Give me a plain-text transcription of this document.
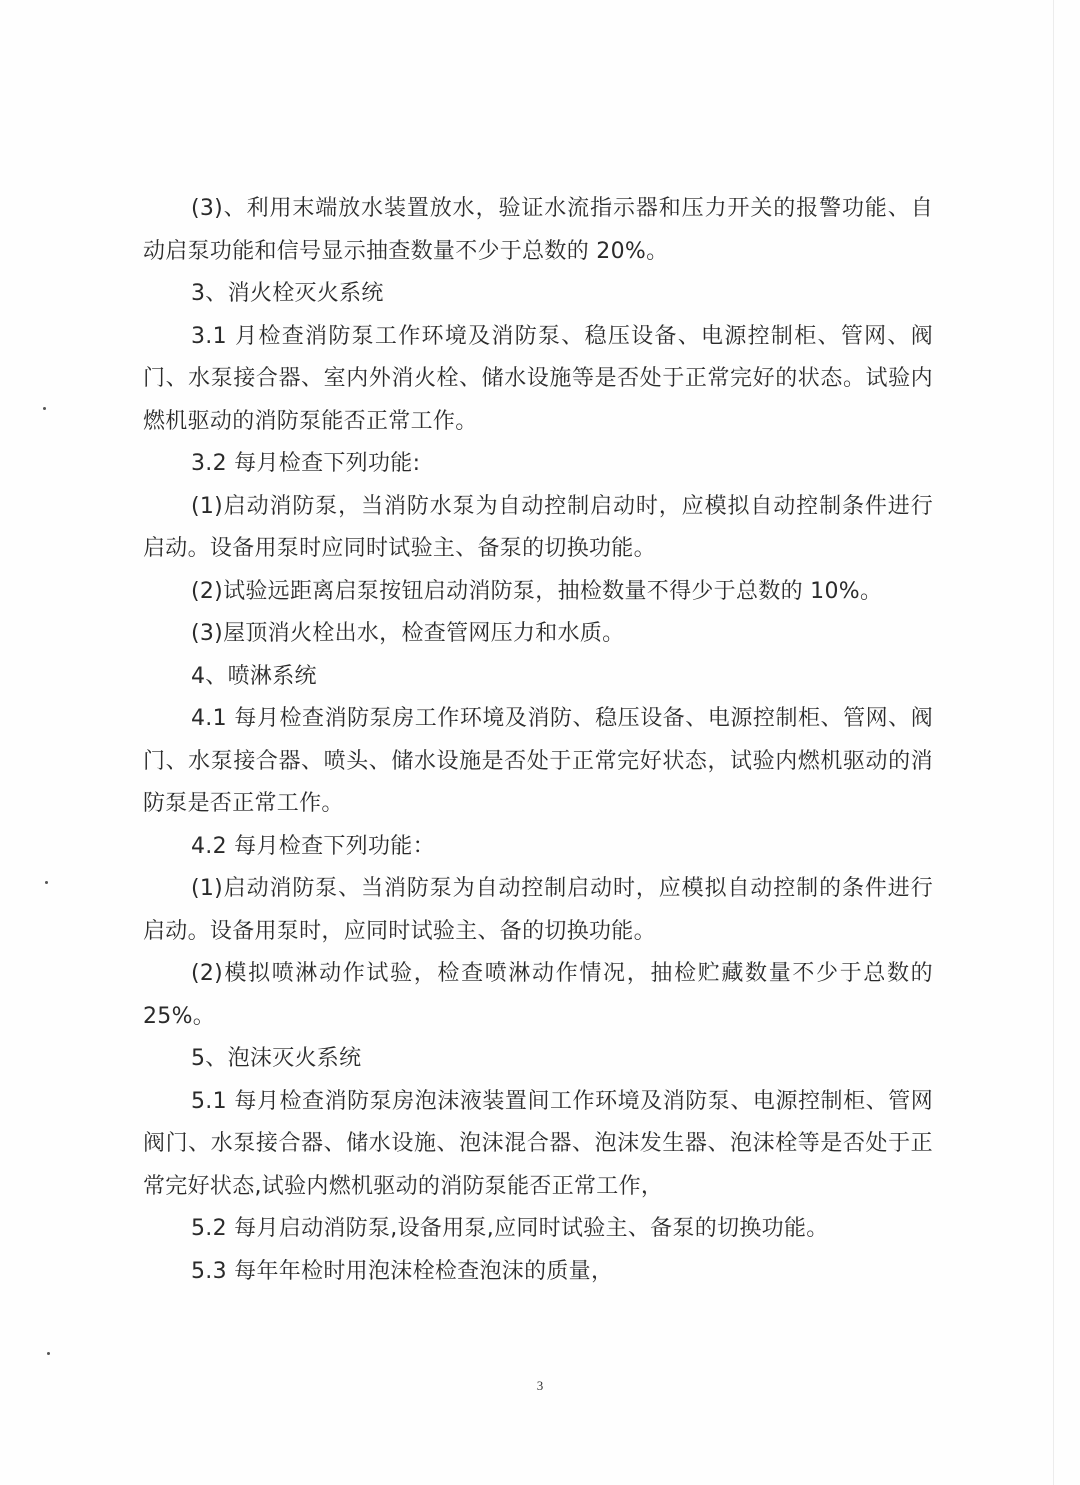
(3)、利用末端放水装置放水，验证水流指示器和压力开关的报警功能、自动启泵功能和信号显示抽查数量不少于总数的 20%。

3、消火栓灭火系统

3.1 月检查消防泵工作环境及消防泵、稳压设备、电源控制柜、管网、阀门、水泵接合器、室内外消火栓、储水设施等是否处于正常完好的状态。试验内燃机驱动的消防泵能否正常工作。

3.2 每月检查下列功能:

(1)启动消防泵，当消防水泵为自动控制启动时，应模拟自动控制条件进行启动。设备用泵时应同时试验主、备泵的切换功能。

(2)试验远距离启泵按钮启动消防泵，抽检数量不得少于总数的 10%。

(3)屋顶消火栓出水，检查管网压力和水质。

4、喷淋系统

4.1 每月检查消防泵房工作环境及消防、稳压设备、电源控制柜、管网、阀门、水泵接合器、喷头、储水设施是否处于正常完好状态，试验内燃机驱动的消防泵是否正常工作。

4.2 每月检查下列功能：

(1)启动消防泵、当消防泵为自动控制启动时，应模拟自动控制的条件进行启动。设备用泵时，应同时试验主、备的切换功能。

(2)模拟喷淋动作试验，检查喷淋动作情况，抽检贮藏数量不少于总数的 25%。

5、泡沫灭火系统

5.1 每月检查消防泵房泡沫液装置间工作环境及消防泵、电源控制柜、管网阀门、水泵接合器、储水设施、泡沫混合器、泡沫发生器、泡沫栓等是否处于正常完好状态,试验内燃机驱动的消防泵能否正常工作，

5.2 每月启动消防泵,设备用泵,应同时试验主、备泵的切换功能。

5.3 每年年检时用泡沫栓检查泡沫的质量，

3
